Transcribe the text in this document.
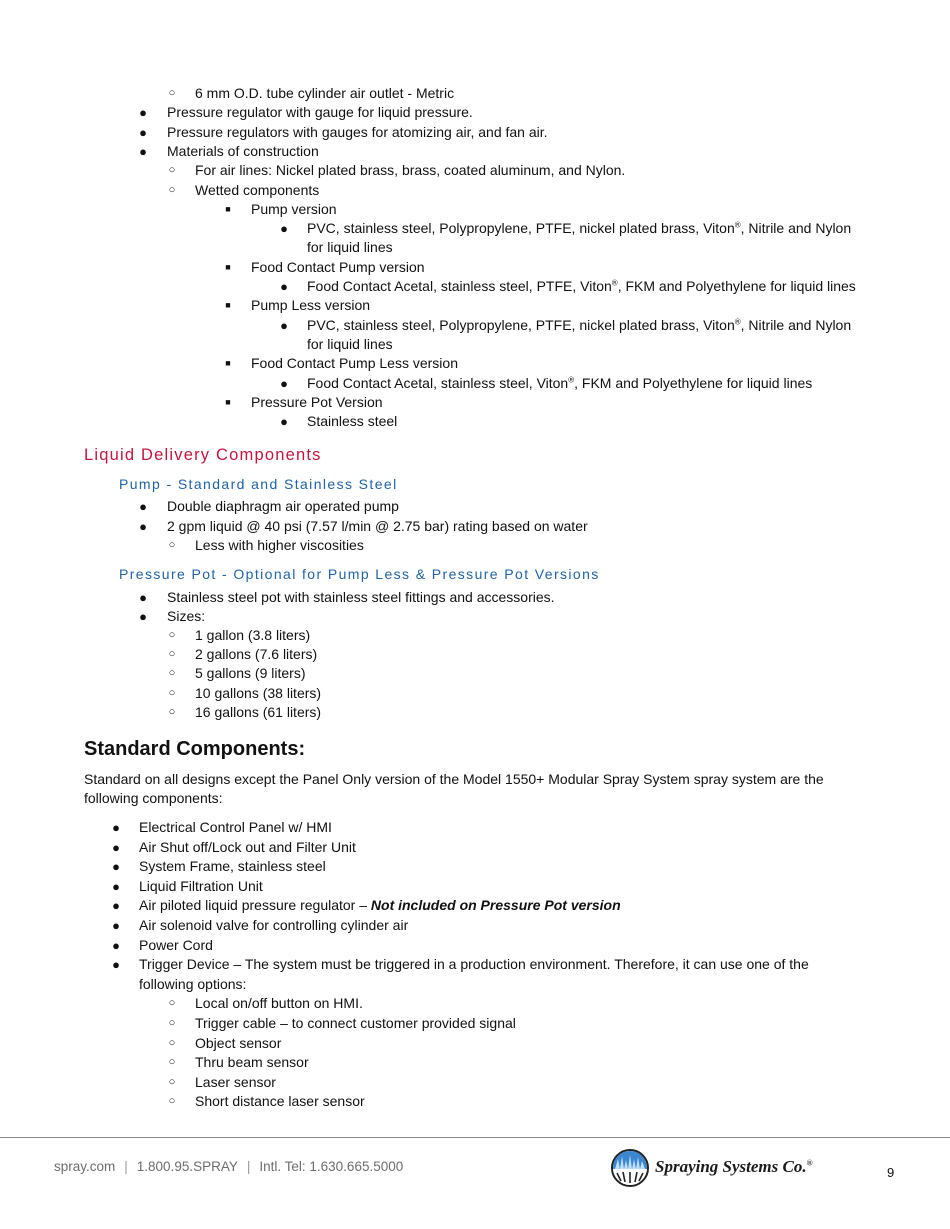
○ 6 mm O.D. tube cylinder air outlet - Metric
● Pressure regulator with gauge for liquid pressure.
● Pressure regulators with gauges for atomizing air, and fan air.
● Materials of construction
○ For air lines: Nickel plated brass, brass, coated aluminum, and Nylon.
○ Wetted components
■ Pump version
● PVC, stainless steel, Polypropylene, PTFE, nickel plated brass, Viton®, Nitrile and Nylon
for liquid lines
■ Food Contact Pump version
● Food Contact Acetal, stainless steel, PTFE, Viton®, FKM and Polyethylene for liquid lines
■ Pump Less version
● PVC, stainless steel, Polypropylene, PTFE, nickel plated brass, Viton®, Nitrile and Nylon
for liquid lines
■ Food Contact Pump Less version
● Food Contact Acetal, stainless steel, Viton®, FKM and Polyethylene for liquid lines
■ Pressure Pot Version
● Stainless steel
Liquid Delivery Components
Pump - Standard and Stainless Steel
● Double diaphragm air operated pump
● 2 gpm liquid @ 40 psi (7.57 l/min @ 2.75 bar) rating based on water
○ Less with higher viscosities
Pressure Pot - Optional for Pump Less & Pressure Pot Versions
● Stainless steel pot with stainless steel fittings and accessories.
● Sizes:
○ 1 gallon (3.8 liters)
○ 2 gallons (7.6 liters)
○ 5 gallons (9 liters)
○ 10 gallons (38 liters)
○ 16 gallons (61 liters)
Standard Components:
Standard on all designs except the Panel Only version of the Model 1550+ Modular Spray System spray system are the following components:
● Electrical Control Panel w/ HMI
● Air Shut off/Lock out and Filter Unit
● System Frame, stainless steel
● Liquid Filtration Unit
● Air piloted liquid pressure regulator – Not included on Pressure Pot version
● Air solenoid valve for controlling cylinder air
● Power Cord
● Trigger Device – The system must be triggered in a production environment. Therefore, it can use one of the
following options:
○ Local on/off button on HMI.
○ Trigger cable – to connect customer provided signal
○ Object sensor
○ Thru beam sensor
○ Laser sensor
○ Short distance laser sensor
spray.com | 1.800.95.SPRAY | Intl. Tel: 1.630.665.5000	Spraying Systems Co.®
9
